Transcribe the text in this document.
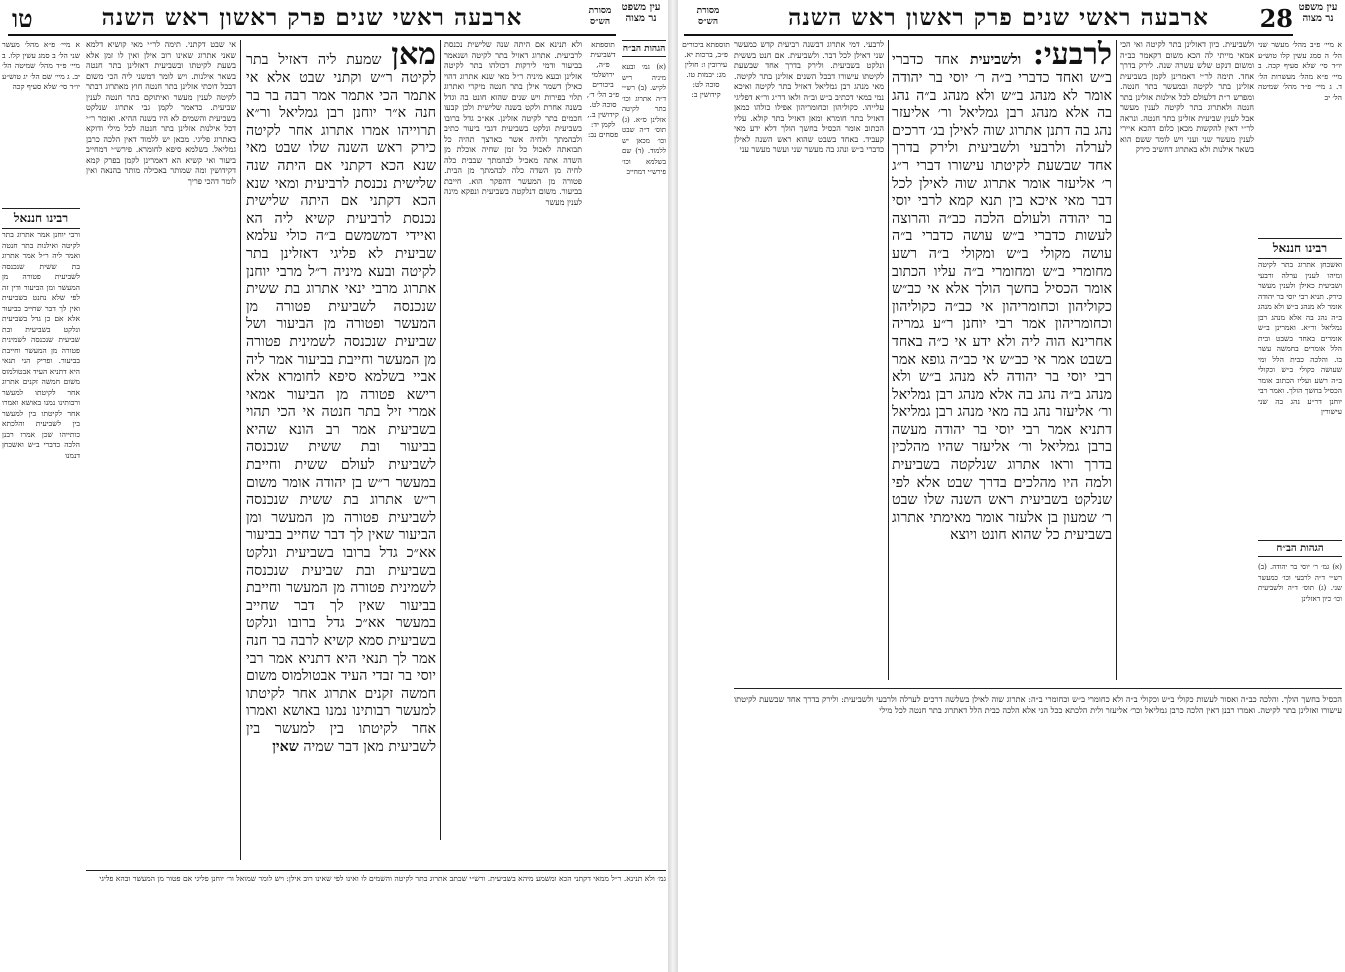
עין משפט נר מצוה
טו	ארבעה ראשי שנים פרק ראשון ראש השנה	מסורת הש״ס
א מיי׳ פ״א מהל׳ מעשר שני הל׳ ב סמג עשין קלו. ב מיי׳ פ״ד מהל׳ שמיטה הל׳ יב. ג מיי׳ שם הל׳ יג טוש״ע יו״ד סי׳ שלא סעיף קכה
רבינו חננאל
ורבי יוחנן אמר אתרוג בתר לקיטה ואילנות בתר חנטה ואמר ליה ר״ל אמר אתרוג בת ששית שנכנסה לשביעית פטורה מן המעשר ומן הביעור ודין זה לפי שלא נחנט בשביעית ואין לך דבר שחייב בביעור אלא אם כן גדל בשביעית ונלקט בשביעית ובת שביעית שנכנסה לשמינית פטורה מן המעשר וחייבת בביעור. ופריק הני תנאי היא דתניא העיד אבטולמוס משום חמשה זקנים אתרוג אחר לקיטתו למעשר ורבותינו נמנו באושא ואמרו אחר לקיטתו בין למעשר בין לשביעית והלכתא כותייהו שכן אמרו רבנן הלכה כדברי ב״ש ואשכחן דנמנו
אי שבט דקתני. תימה לר״י מאי קושיא דלמא שאני אתרוג שאינו רוב אילן ואין לו זמן אלא בשעת לקיטתו ובשביעית דאזלינן בתר חנטה בשאר אילנות. ויש לומר דמשני ליה הכי משום דבכל דוכתי אזלינן בתר חנטה חוץ מאתרוג דבתר לקיטה לענין מעשר ואיתוקם בתר חנטה לענין שביעית. כדאמר לקמן גבי אתרוג שנלקט בשביעית והשמים לא היו בשנה ההיא. ואומר ר״י דכל אילנות אזלינן בתר חנטה לכל מילי ודוקא באתרוג פליגי. מכאן יש ללמוד דאין הלכה כרבן גמליאל. בשלמא סיפא לחומרא. פירש״י דמחייב ביעור ואי קשיא הא דאמרינן לקמן בפרק קמא דקידושין ומה שמותר באכילה מותר בהנאה ואין לומר דהכי פריך
מאן שמעת ליה דאזיל בתר לקיטה ר״ש וקתני שבט אלא אי אתמר הכי אתמר אמר רבה בר בר חנה א״ר יוחנן רבן גמליאל ור״א תרוייהו אמרו אתרוג אחר לקיטה כירק ראש השנה שלו שבט מאי שנא הכא דקתני אם היתה שנה שלישית נכנסת לרביעית ומאי שנא הכא דקתני אם היתה שלישית נכנסת לרביעית קשיא ליה הא ואיידי דמשמשם ב״ה כולי עלמא שביעית לא פליגי דאזלינן בתר לקיטה ובעא מיניה ר״ל מרבי יוחנן אתרוג מרבי ינאי אתרוג בת ששית שנכנסה לשביעית פטורה מן המעשר ופטורה מן הביעור ושל שביעית שנכנסה לשמינית פטורה מן המעשר וחייבת בביעור אמר ליה אביי בשלמא סיפא לחומרא אלא רישא פטורה מן הביעור אמאי אמרי זיל בתר חנטה אי הכי תהוי בשביעית אמר רב הונא שהיא בביעור ובת ששית שנכנסה לשביעית לעולם ששית וחייבת במעשר ר״ש בן יהודה אומר משום ר״ש אתרוג בת ששית שנכנסה לשביעית פטורה מן המעשר ומן הביעור שאין לך דבר שחייב בביעור אא״כ גדל ברובו בשביעית ונלקט בשביעית ובת שביעית שנכנסה לשמינית פטורה מן המעשר וחייבת בביעור שאין לך דבר שחייב במעשר אא״כ גדל ברובו ונלקט בשביעית סמא קשיא לרבה בר חנה אמר לך תנאי היא דתניא אמר רבי יוסי בר זבדי העיד אבטולמוס משום חמשה זקנים אתרוג אחר לקיטתו למעשר רבותינו נמנו באושא ואמרו אחר לקיטתו בין למעשר בין לשביעית מאן דבר שמיה שאין
ולא תנינא אם היתה שנה שלישית נכנסת לרביעית. אתרוג דאזיל בתר לקיטה ושנאמר בביעור ודמי לירקות דכולהו בתר לקיטה אזלינן ובעא מיניה ר״ל מאי שנא אתרוג דהוי כאילן דשמר אילן בתר חנטה מיקרי ואתרוג תלוי בפירות ויש שנים שהוא חונט בה וגדל בשנה אחרת ולקט בשנה שלישית ולכן קבעו חכמים בתר לקיטה אזלינן. אא״כ גדל ברובו בשביעית ונלקט בשביעית דגבי ביעור כתיב ולבהמתך ולחיה אשר בארצך תהיה כל תבואתה לאכול כל זמן שחיה אוכלת מן השדה אתה מאכיל לבהמתך שבבית כלה לחיה מן השדה כלה לבהמתך מן הבית. פטורה מן המעשר דהפקר הוא. חייבת בביעור. משום דנלקטה בשביעית ונפקא מינה לענין מעשר
תוספתא דשביעית פ״ה, ירושלמי ביכורים פ״ב הל׳ ד׳, סוכה לט. קידושין ב., לקמן יד: פסחים נב:
הגהות הב״ח
(א) גמ׳ ובעא מיניה ריש לקיש. (ב) רש״י ד״ה אתרוג וכו׳ בתר לקיטה אזלינן ס״א. (ג) תוס׳ ד״ה שבט וכו׳ מכאן יש ללמוד. (ד) שם בשלמא וכו׳ פירש״י דמחייב
גמ׳ ולא תנינא. ר״ל ממאי דקתני הכא ומשמע מיהא בשביעית. ורש״י שכתב אתרוג בתר לקיטה והשמים לו ואינו לפי שאינו רוב אילן: ויש לומר שמואל ור׳ יוחנן פליגי אם פטור מן המעשר ובהא פליגי
עין משפט נר מצוה
28
ארבעה ראשי שנים פרק ראשון ראש השנה
מסורת הש״ס
תוספתא ביכורים פ״ב, ברכות יא. עירובין ו: חולין מג: יבמות טו. סוכה לט: קידושין ב:
לרבעי. דמי אתרוג דבשנה רביעית קדש כמעשר שני דאילן לכל דבר. ולשביעית. אם חנט בששית ונלקט בשביעית. ולירק בדרך אחד שבשעת לקיטתו עישורו דבכל השנים אזלינן בתר לקיטה. מאי מנהג רבן גמליאל דאזיל בתר לקיטה ואיכא נמי במאי דכתיב ב״ש וב״ה ולאו דר״ג ור״א דפליגי עלייהו. כקוליהון וכחומריהון אפילו כולהו כמאן דאזיל בתר חומרא ומאן דאזיל בתר קולא. עליו הכתוב אומר הכסיל בחשך הולך דלא ידע מאי קעביד. באחד בשבט שהוא ראש השנה לאילן כדברי ב״ש ונהג בה מעשר שני ועשר מעשר עני
לרבעי: ולשביעית אחד כדברי ב״ש ואחד כדברי ב״ה ר׳ יוסי בר יהודה אומר לא מנהג ב״ש ולא מנהג ב״ה נהג בה אלא מנהג רבן גמליאל ור׳ אליעזר נהג בה דתנן אתרוג שוה לאילן בג׳ דרכים לערלה ולרבעי ולשביעית ולירק בדרך אחד שבשעת לקיטתו עישורו דברי ר״ג ר׳ אליעזר אומר אתרוג שוה לאילן לכל דבר מאי איכא בין תנא קמא לרבי יוסי בר יהודה ולעולם הלכה כב״ה והרוצה לעשות כדברי ב״ש עושה כדברי ב״ה עושה מקולי ב״ש ומקולי ב״ה רשע מחומרי ב״ש ומחומרי ב״ה עליו הכתוב אומר הכסיל בחשך הולך אלא אי כב״ש כקוליהון וכחומריהון אי כב״ה כקוליהון וכחומריהון אמר רבי יוחנן ר״ע גמריה אחרינא הוה ליה ולא ידע אי כ״ה באחד בשבט אמר אי כב״ש אי כב״ה גופא אמר רבי יוסי בר יהודה לא מנהג ב״ש ולא מנהג ב״ה נהג בה אלא מנהג רבן גמליאל ור׳ אליעזר נהג בה מאי מנהג רבן גמליאל דתניא אמר רבי יוסי בר יהודה מעשה ברבן גמליאל ור׳ אליעזר שהיו מהלכין בדרך וראו אתרוג שנלקטה בשביעית ולמה היו מהלכים בדרך שבט אלא לפי שנלקט בשביעית ראש השנה שלו שבט ר׳ שמעון בן אלעזר אומר מאימתי אתרוג בשביעית כל שהוא חונט ויוצא
ולשביעית. כיון דאזלינן בתר לקיטה ואי הכי אמאי מייתי לה הכא משום דקאמר כב״ה ומשום דנקט שלש עשרה שנה. לירק בדרך אחד. תימה לר״י דאמרינן לקמן בשביעית אזלינן בתר לקיטה ובמעשר בתר חנטה. ומפרש ר״ת דלעולם לכל אילנות אזלינן בתר חנטה ולאתרוג בתר לקיטה לענין מעשר אבל לענין שביעית אזלינן בתר חנטה. ונראה לר״י דאין להקשות מכאן כלום דהכא איירי לענין מעשר שני ועני ויש לומר ששם הוא בשאר אילנות ולא באתרוג דחשיב כירק
א מיי׳ פ״ב מהל׳ מעשר שני הל׳ ה סמג עשין קלו טוש״ע יו״ד סי׳ שלא סעיף קכה. ב מיי׳ פ״א מהל׳ מעשרות הל׳ ד. ג מיי׳ פ״ד מהל׳ שמיטה הל׳ יב
רבינו חננאל
ואשכחן אתרוג בתר לקיטה ומיהו לענין ערלה ורבעי ושביעית כאילן ולענין מעשר כירק. תניא רבי יוסי בר יהודה אומר לא מנהג ב״ש ולא מנהג ב״ה נהג בה אלא מנהג רבן גמליאל ור״א. ואמרינן ב״ש אומרים באחד בשבט ובית הלל אומרים בחמשה עשר בו. והלכה כבית הלל ומי שעושה כקולי ב״ש וכקולי ב״ה רשע ועליו הכתוב אומר הכסיל בחשך הולך. ואמר רבי יוחנן דר״ע נהג בה שני עישורין
הגהות הב״ח
(א) גמ׳ ר׳ יוסי בר יהודה. (ב) רש״י ד״ה לרבעי וכו׳ כמעשר שני. (ג) תוס׳ ד״ה ולשביעית וכו׳ כיון דאזלינן
הכסיל בחשך הולך. והלכה כב״ה ואסור לעשות כקולי ב״ש וכקולי ב״ה ולא כחומרי ב״ש וכחומרי ב״ה: אתרוג שוה לאילן בשלשה דרכים לערלה ולרבעי ולשביעית: ולירק בדרך אחד שבשעת לקיטתו עישורו ואזלינן בתר לקיטה. ואמרו רבנן דאין הלכה כרבן גמליאל וכר׳ אליעזר ולית הלכתא ככל הני אלא הלכה כבית הלל דאתרוג בתר חנטה לכל מילי
